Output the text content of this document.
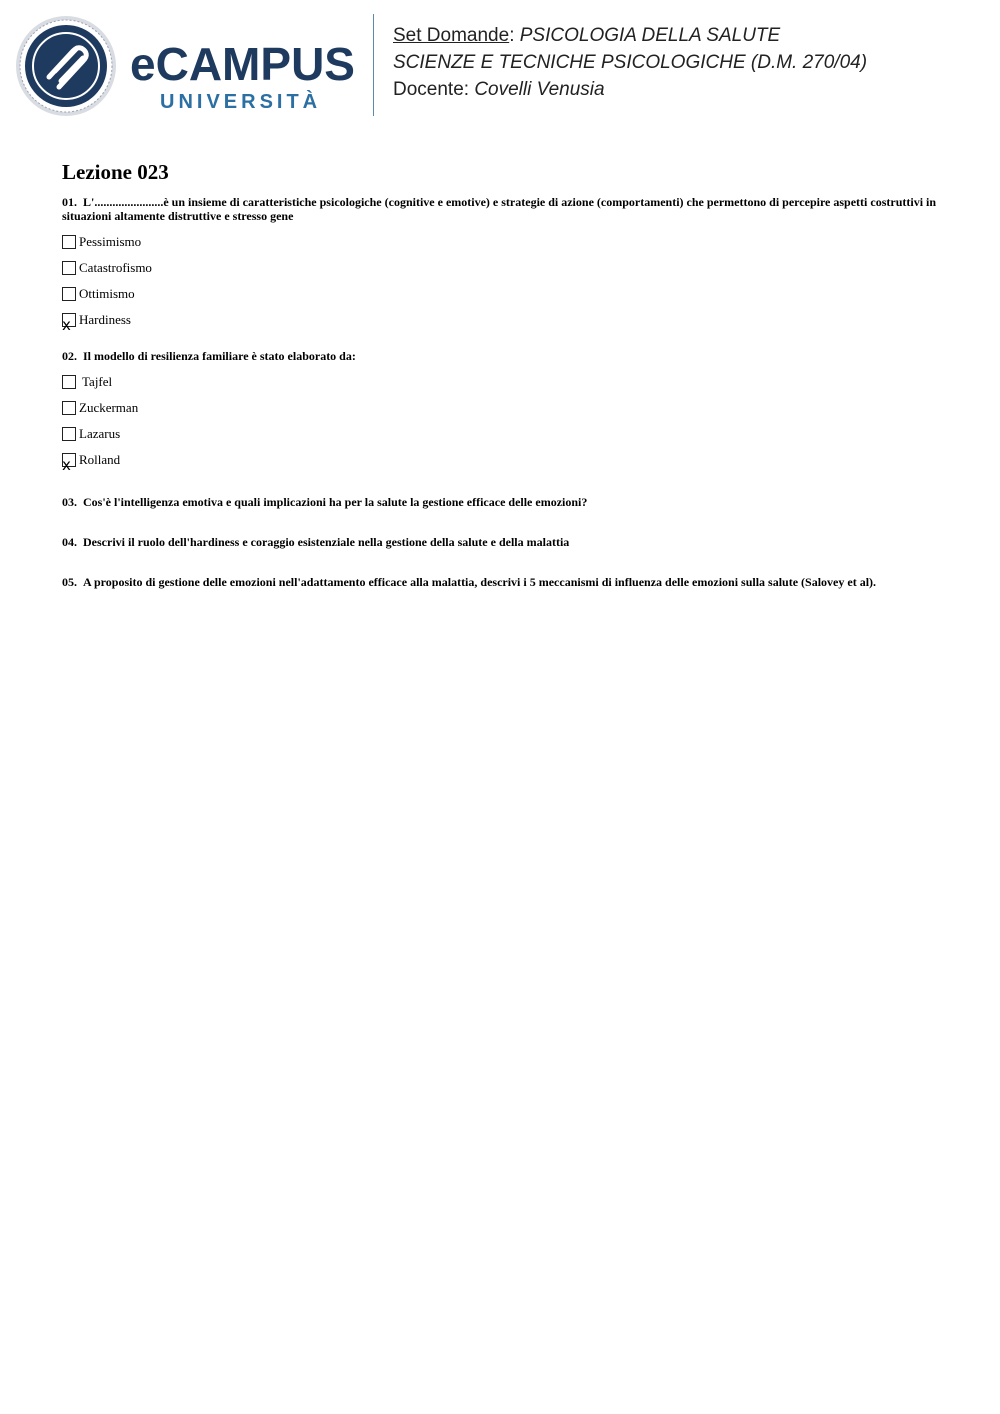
eCAMPUS
UNIVERSITÀ
Set Domande: PSICOLOGIA DELLA SALUTE
SCIENZE E TECNICHE PSICOLOGICHE (D.M. 270/04)
Docente: Covelli Venusia
Lezione 023

01. L'.......................è un insieme di caratteristiche psicologiche (cognitive e emotive) e strategie di azione (comportamenti) che permettono di percepire aspetti costruttivi in situazioni altamente distruttive e stresso gene

Pessimismo
Catastrofismo
Ottimismo
x Hardiness

02. Il modello di resilienza familiare è stato elaborato da:

Tajfel
Zuckerman
Lazarus
x Rolland

03. Cos'è l'intelligenza emotiva e quali implicazioni ha per la salute la gestione efficace delle emozioni?

04. Descrivi il ruolo dell'hardiness e coraggio esistenziale nella gestione della salute e della malattia

05. A proposito di gestione delle emozioni nell'adattamento efficace alla malattia, descrivi i 5 meccanismi di influenza delle emozioni sulla salute (Salovey et al).
